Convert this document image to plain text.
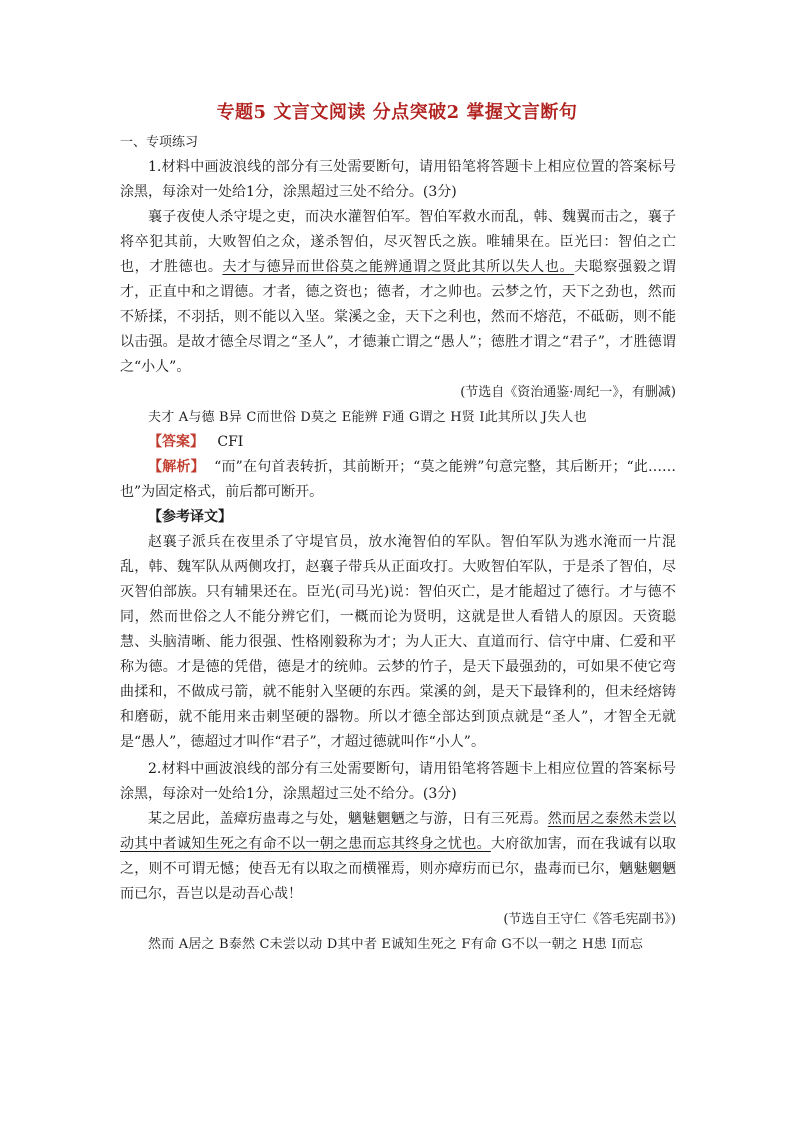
专题5 文言文阅读 分点突破2 掌握文言断句

一、专项练习

1.材料中画波浪线的部分有三处需要断句，请用铅笔将答题卡上相应位置的答案标号涂黑，每涂对一处给1分，涂黑超过三处不给分。(3分)

襄子夜使人杀守堤之吏，而决水灌智伯军。智伯军救水而乱，韩、魏翼而击之，襄子将卒犯其前，大败智伯之众，遂杀智伯，尽灭智氏之族。唯辅果在。臣光曰：智伯之亡也，才胜德也。夫才与德异而世俗莫之能辨通谓之贤此其所以失人也。夫聪察强毅之谓才，正直中和之谓德。才者，德之资也；德者，才之帅也。云梦之竹，天下之劲也，然而不矫揉，不羽括，则不能以入坚。棠溪之金，天下之利也，然而不熔范，不砥砺，则不能以击强。是故才德全尽谓之“圣人”，才德兼亡谓之“愚人”；德胜才谓之“君子”，才胜德谓之“小人”。

(节选自《资治通鉴·周纪一》，有删减)

夫才 A与德 B异 C而世俗 D莫之 E能辨 F通 G谓之 H贤 I此其所以 J失人也

【答案】 CFI

【解析】 “而”在句首表转折，其前断开；“莫之能辨”句意完整，其后断开；“此……也”为固定格式，前后都可断开。

【参考译文】

赵襄子派兵在夜里杀了守堤官员，放水淹智伯的军队。智伯军队为逃水淹而一片混乱，韩、魏军队从两侧攻打，赵襄子带兵从正面攻打。大败智伯军队，于是杀了智伯，尽灭智伯部族。只有辅果还在。臣光(司马光)说：智伯灭亡，是才能超过了德行。才与德不同，然而世俗之人不能分辨它们，一概而论为贤明，这就是世人看错人的原因。天资聪慧、头脑清晰、能力很强、性格刚毅称为才；为人正大、直道而行、信守中庸、仁爱和平称为德。才是德的凭借，德是才的统帅。云梦的竹子，是天下最强劲的，可如果不使它弯曲揉和，不做成弓箭，就不能射入坚硬的东西。棠溪的剑，是天下最锋利的，但未经熔铸和磨砺，就不能用来击刺坚硬的器物。所以才德全部达到顶点就是“圣人”，才智全无就是“愚人”，德超过才叫作“君子”，才超过德就叫作“小人”。

2.材料中画波浪线的部分有三处需要断句，请用铅笔将答题卡上相应位置的答案标号涂黑，每涂对一处给1分，涂黑超过三处不给分。(3分)

某之居此，盖瘴疠蛊毒之与处，魑魅魍魉之与游，日有三死焉。然而居之泰然未尝以动其中者诚知生死之有命不以一朝之患而忘其终身之忧也。大府欲加害，而在我诚有以取之，则不可谓无憾；使吾无有以取之而横罹焉，则亦瘴疠而已尔，蛊毒而已尔，魑魅魍魉而已尔，吾岂以是动吾心哉！

(节选自王守仁《答毛宪副书》)

然而 A居之 B泰然 C未尝以动 D其中者 E诚知生死之 F有命 G不以一朝之 H患 I而忘
